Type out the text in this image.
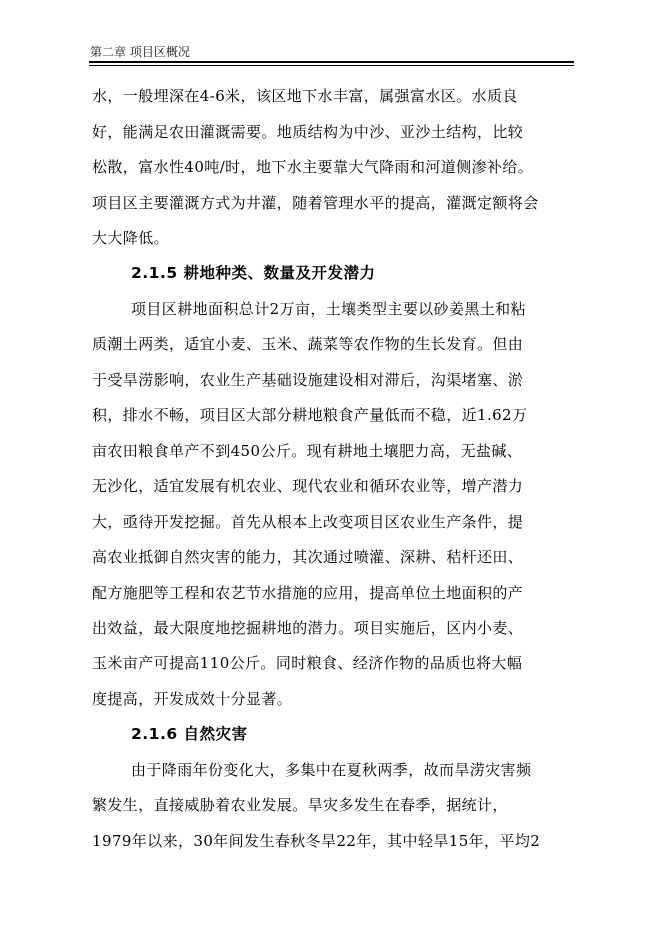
第二章 项目区概况
水，一般埋深在4-6米，该区地下水丰富，属强富水区。水质良
好，能满足农田灌溉需要。地质结构为中沙、亚沙土结构，比较
松散，富水性40吨/时，地下水主要靠大气降雨和河道侧渗补给。
项目区主要灌溉方式为井灌，随着管理水平的提高，灌溉定额将会
大大降低。
2.1.5 耕地种类、数量及开发潜力
项目区耕地面积总计2万亩，土壤类型主要以砂姜黑土和粘
质潮土两类，适宜小麦、玉米、蔬菜等农作物的生长发育。但由
于受旱涝影响，农业生产基础设施建设相对滞后，沟渠堵塞、淤
积，排水不畅，项目区大部分耕地粮食产量低而不稳，近1.62万
亩农田粮食单产不到450公斤。现有耕地土壤肥力高，无盐碱、
无沙化，适宜发展有机农业、现代农业和循环农业等，增产潜力
大，亟待开发挖掘。首先从根本上改变项目区农业生产条件，提
高农业抵御自然灾害的能力，其次通过喷灌、深耕、秸杆还田、
配方施肥等工程和农艺节水措施的应用，提高单位土地面积的产
出效益，最大限度地挖掘耕地的潜力。项目实施后，区内小麦、
玉米亩产可提高110公斤。同时粮食、经济作物的品质也将大幅
度提高，开发成效十分显著。
2.1.6 自然灾害
由于降雨年份变化大，多集中在夏秋两季，故而旱涝灾害频
繁发生，直接威胁着农业发展。旱灾多发生在春季，据统计，
1979年以来，30年间发生春秋冬旱22年，其中轻旱15年，平均2
